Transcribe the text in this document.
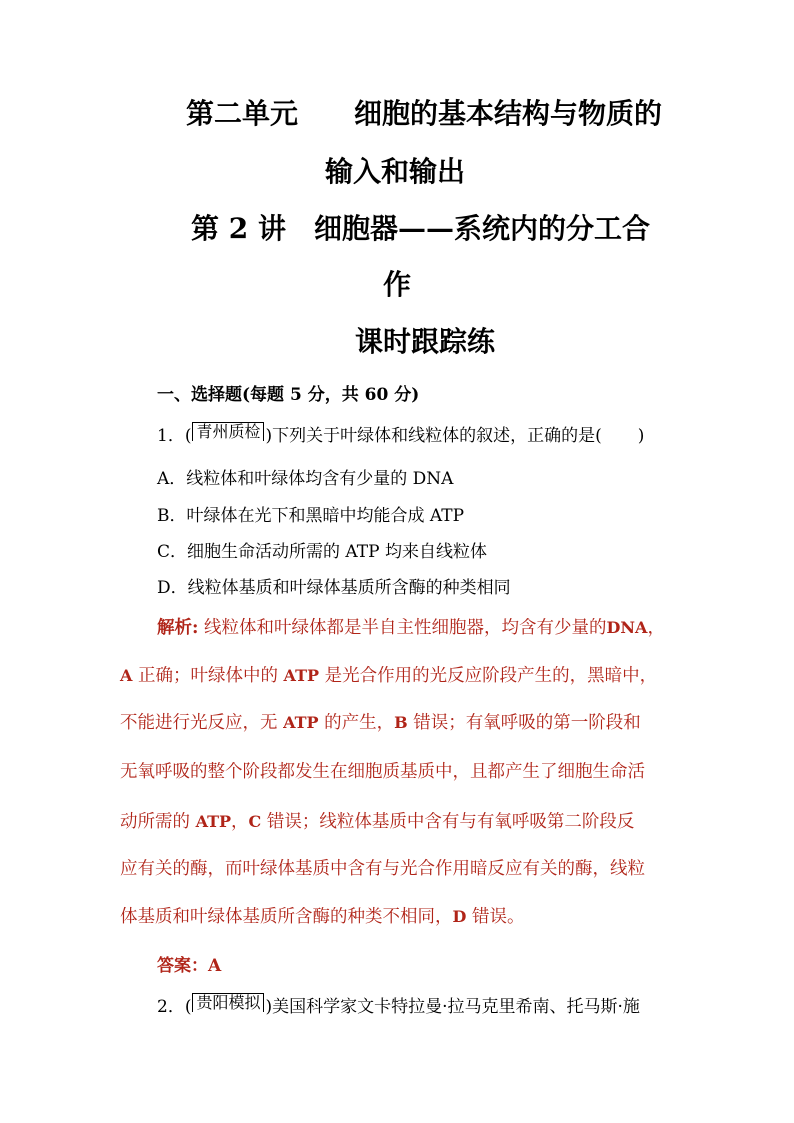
第二单元　　细胞的基本结构与物质的
输入和输出
第 2 讲　细胞器——系统内的分工合
作
课时跟踪练
一、选择题(每题 5 分，共 60 分)
1．( 青州质检 )下列关于叶绿体和线粒体的叙述，正确的是( )
A．线粒体和叶绿体均含有少量的 DNA
B．叶绿体在光下和黑暗中均能合成 ATP
C．细胞生命活动所需的 ATP 均来自线粒体
D．线粒体基质和叶绿体基质所含酶的种类相同
解析: 线粒体和叶绿体都是半自主性细胞器，均含有少量的DNA，
A 正确；叶绿体中的 ATP 是光合作用的光反应阶段产生的，黑暗中，
不能进行光反应，无 ATP 的产生，B 错误；有氧呼吸的第一阶段和
无氧呼吸的整个阶段都发生在细胞质基质中，且都产生了细胞生命活
动所需的 ATP，C 错误；线粒体基质中含有与有氧呼吸第二阶段反
应有关的酶，而叶绿体基质中含有与光合作用暗反应有关的酶，线粒
体基质和叶绿体基质所含酶的种类不相同，D 错误。
答案：A
2．( 贵阳模拟 )美国科学家文卡特拉曼·拉马克里希南、托马斯·施
